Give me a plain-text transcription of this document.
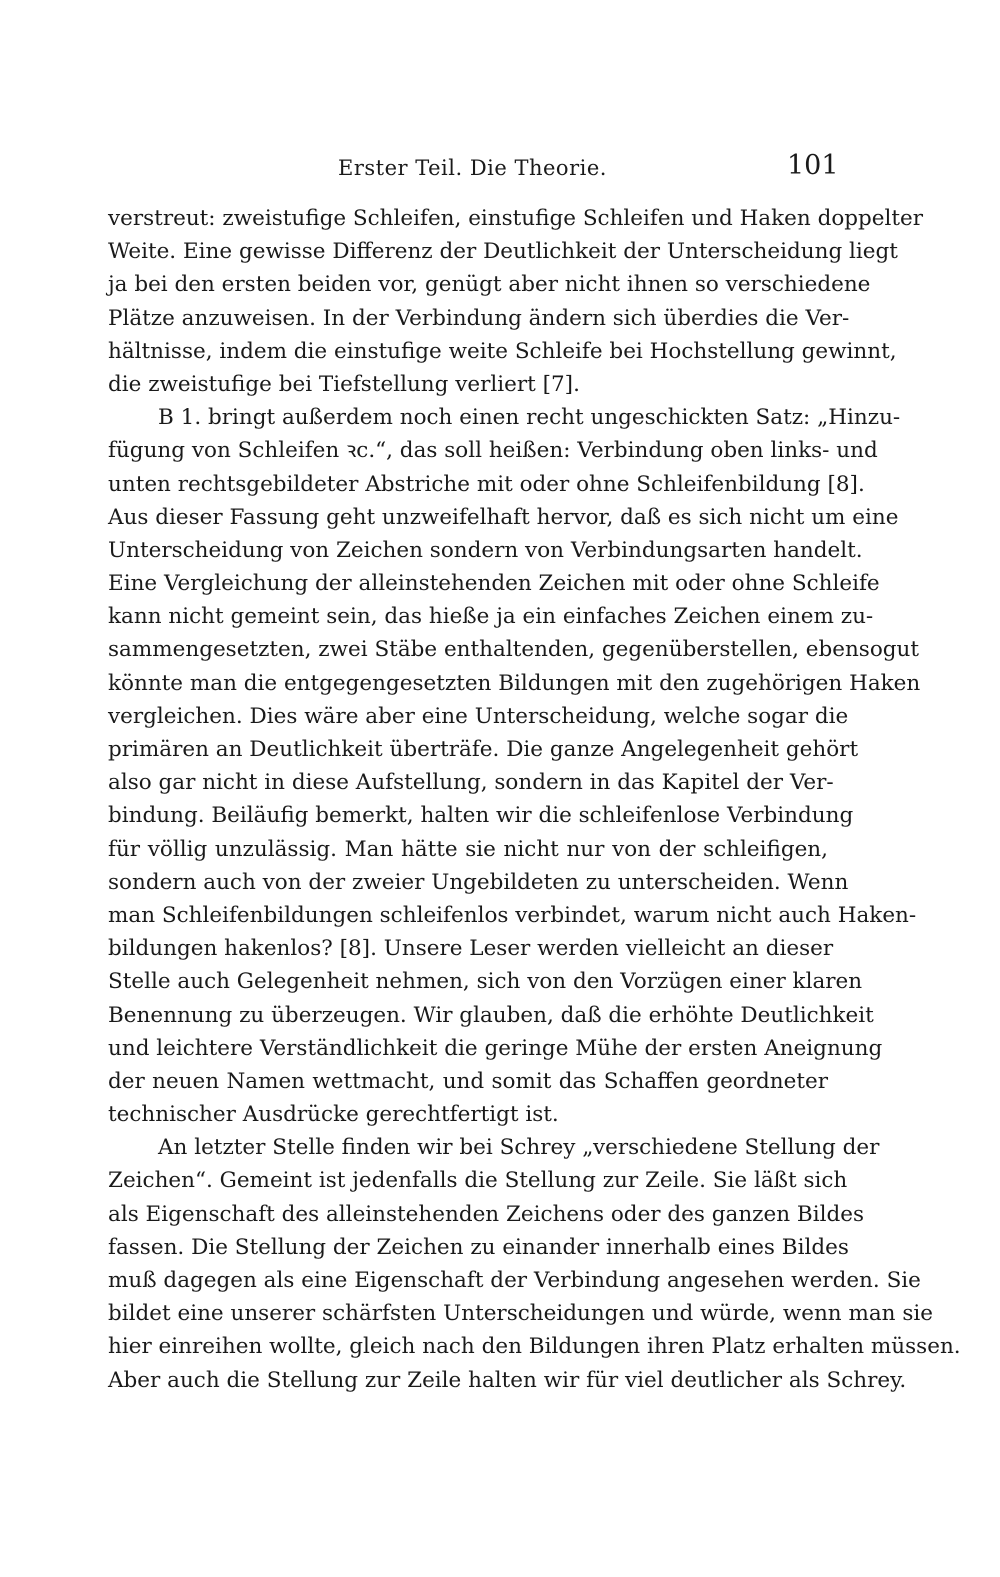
Erster Teil. Die Theorie.	101
verstreut: zweistufige Schleifen, einstufige Schleifen und Haken doppelter
Weite. Eine gewisse Differenz der Deutlichkeit der Unterscheidung liegt
ja bei den ersten beiden vor, genügt aber nicht ihnen so verschiedene
Plätze anzuweisen. In der Verbindung ändern sich überdies die Ver-
hältnisse, indem die einstufige weite Schleife bei Hochstellung gewinnt,
die zweistufige bei Tiefstellung verliert [7].
B 1. bringt außerdem noch einen recht ungeschickten Satz: „Hinzu-
fügung von Schleifen ꝛc.“, das soll heißen: Verbindung oben links- und
unten rechtsgebildeter Abstriche mit oder ohne Schleifenbildung [8].
Aus dieser Fassung geht unzweifelhaft hervor, daß es sich nicht um eine
Unterscheidung von Zeichen sondern von Verbindungsarten handelt.
Eine Vergleichung der alleinstehenden Zeichen mit oder ohne Schleife
kann nicht gemeint sein, das hieße ja ein einfaches Zeichen einem zu-
sammengesetzten, zwei Stäbe enthaltenden, gegenüberstellen, ebensogut
könnte man die entgegengesetzten Bildungen mit den zugehörigen Haken
vergleichen. Dies wäre aber eine Unterscheidung, welche sogar die
primären an Deutlichkeit überträfe. Die ganze Angelegenheit gehört
also gar nicht in diese Aufstellung, sondern in das Kapitel der Ver-
bindung. Beiläufig bemerkt, halten wir die schleifenlose Verbindung
für völlig unzulässig. Man hätte sie nicht nur von der schleifigen,
sondern auch von der zweier Ungebildeten zu unterscheiden. Wenn
man Schleifenbildungen schleifenlos verbindet, warum nicht auch Haken-
bildungen hakenlos? [8]. Unsere Leser werden vielleicht an dieser
Stelle auch Gelegenheit nehmen, sich von den Vorzügen einer klaren
Benennung zu überzeugen. Wir glauben, daß die erhöhte Deutlichkeit
und leichtere Verständlichkeit die geringe Mühe der ersten Aneignung
der neuen Namen wettmacht, und somit das Schaffen geordneter
technischer Ausdrücke gerechtfertigt ist.
An letzter Stelle finden wir bei Schrey „verschiedene Stellung der
Zeichen“. Gemeint ist jedenfalls die Stellung zur Zeile. Sie läßt sich
als Eigenschaft des alleinstehenden Zeichens oder des ganzen Bildes
fassen. Die Stellung der Zeichen zu einander innerhalb eines Bildes
muß dagegen als eine Eigenschaft der Verbindung angesehen werden. Sie
bildet eine unserer schärfsten Unterscheidungen und würde, wenn man sie
hier einreihen wollte, gleich nach den Bildungen ihren Platz erhalten müssen.
Aber auch die Stellung zur Zeile halten wir für viel deutlicher als Schrey.
